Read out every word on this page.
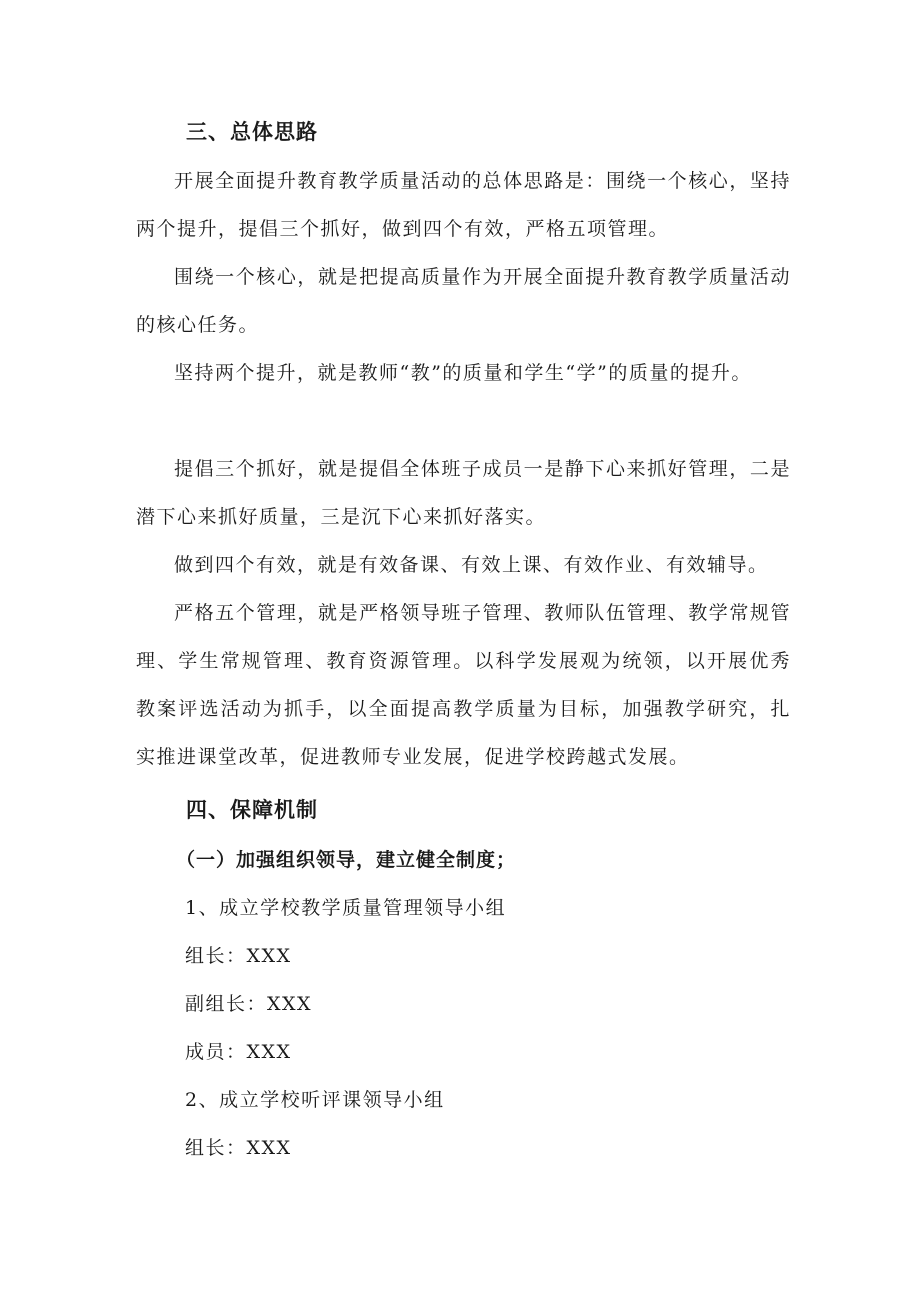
三、总体思路

开展全面提升教育教学质量活动的总体思路是：围绕一个核心，坚持两个提升，提倡三个抓好，做到四个有效，严格五项管理。

围绕一个核心，就是把提高质量作为开展全面提升教育教学质量活动的核心任务。

坚持两个提升，就是教师“教”的质量和学生“学”的质量的提升。

提倡三个抓好，就是提倡全体班子成员一是静下心来抓好管理，二是潜下心来抓好质量，三是沉下心来抓好落实。

做到四个有效，就是有效备课、有效上课、有效作业、有效辅导。

严格五个管理，就是严格领导班子管理、教师队伍管理、教学常规管理、学生常规管理、教育资源管理。以科学发展观为统领，以开展优秀教案评选活动为抓手，以全面提高教学质量为目标，加强教学研究，扎实推进课堂改革，促进教师专业发展，促进学校跨越式发展。

四、保障机制
（一）加强组织领导，建立健全制度；
1、成立学校教学质量管理领导小组
组长：XXX
副组长：XXX
成员：XXX
2、成立学校听评课领导小组
组长：XXX
